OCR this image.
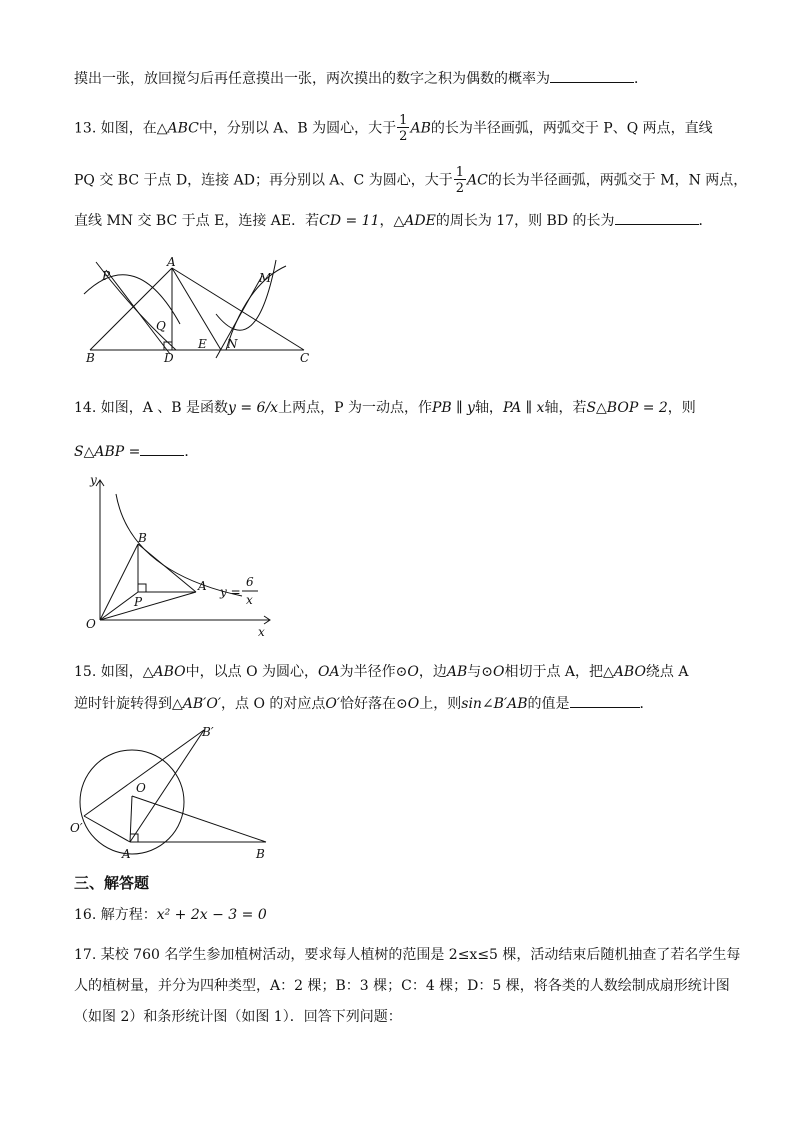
摸出一张，放回搅匀后再任意摸出一张，两次摸出的数字之积为偶数的概率为	．
13. 如图，在△ABC中，分别以 A、B 为圆心，大于 $\frac{1}{2}$ AB的长为半径画弧，两弧交于 P、Q 两点，直线
PQ 交 BC 于点 D，连接 AD；再分别以 A、C 为圆心，大于 $\frac{1}{2}$ AC的长为半径画弧，两弧交于 M，N 两点，
直线 MN 交 BC 于点 E，连接 AE．若CD = 11，△ADE的周长为 17，则 BD 的长为	．
A
B	C
D
E N
P
Q
M
14. 如图，A 、B 是函数y = 6/x上两点，P 为一动点，作PB ∥ y轴，PA ∥ x轴，若S△BOP = 2，则
S△ABP =	．
y
x
O
B
A
P
y =
6
x
15. 如图，△ABO中，以点 O 为圆心，OA为半径作⊙O，边AB与⊙O相切于点 A，把△ABO绕点 A
逆时针旋转得到△AB′O′，点 O 的对应点O′恰好落在⊙O上，则sin∠B′AB的值是	．
B′
O
O′
A	B
三、解答题
16. 解方程：x² + 2x − 3 = 0
17. 某校 760 名学生参加植树活动，要求每人植树的范围是 2≤x≤5 棵，活动结束后随机抽查了若名学生每
人的植树量，并分为四种类型，A：2 棵；B：3 棵；C：4 棵；D：5 棵，将各类的人数绘制成扇形统计图
（如图 2）和条形统计图（如图 1）．回答下列问题：
